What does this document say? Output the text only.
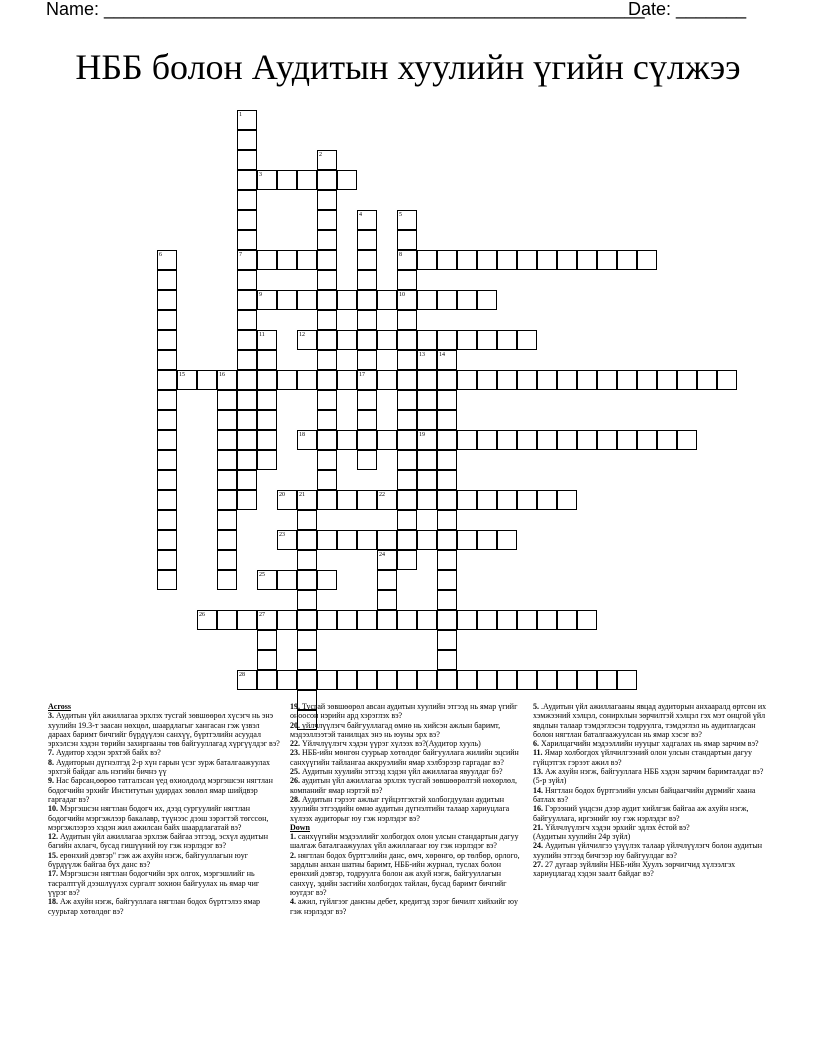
Name: ______________________________________________________
Date: _______
НББ болон Аудитын хуулийн үгийн сүлжээ
1
2
3
4	5
6	7	8
9	10
11	12
13 14
15	16	17
18	19
20 21	22
23
24
25
26	27
28

Across

3. Аудитын үйл ажиллагаа эрхлэх тусгай зөвшөөрөл хүсэгч нь энэ хуулийн 19.3-т заасан нөхцөл, шаардлагыг хангасан гэж үзвэл дараах баримт бичгийг бүрдүүлэн санхүү, бүртгэлийн асуудал эрхэлсэн хэдэн төрийн захиргааны төв байгууллагад хүргүүлдэг вэ?

7. Аудитор хэдэн эрхтэй байх вэ?

8. Аудиторын дүгнэлтэд 2-р хүн гарын үсэг зурж баталгаажуулах эрхтэй байдаг аль нэгийн бичнэ үү

9. Нас барсан,өөрөө татгалзсан үед өхиолдолд мэргэшсэн нягтлан бодогчийн эрхийг Институтын удирдах зөвлөл ямар шийдвэр гаргадаг вэ?

10. Мэргэшсэн нягтлан бодогч их, дээд сургуулийг нягтлан бодогчийн мэргэжлээр бакалавр, түүнээс дээш зэрэгтэй төгссөн, мэргэжлээрээ хэдэн жил ажилсан байх шаардлагатай вэ?

12. Аудитын үйл ажиллагаа эрхлэж байгаа этгээд, эсхүл аудитын багийн ахлагч, бусад гишүүний юу гэж нэрлэдэг вэ?

15. ерөнхий дэвтэр" гэж аж ахуйн нэгж, байгууллагын юуг бүрдүүлж байгаа бүх данс вэ?

17. Мэргэшсэн нягтлан бодогчийн эрх олгох, мэргэшлийг нь тасралтгүй дээшлүүлэх сургалт зохион байгуулах нь ямар чиг үүрэг вэ?

18. Аж ахуйн нэгж, байгууллага нягтлан бодох бүртгэлээ ямар суурьтар хөтөлдөг вэ?

19. Тусгай зөвшөөрөл авсан аудитын хуулийн этгээд нь ямар үгийг оноосон нэрийн ард хэрэглэх вэ?

20. үйлчлүүлэгч байгууллагад өмнө нь хийсэн ажлын баримт, мэдээллээтэй танилцах энэ нь юуны эрх вэ?

22. Үйлчлүүлэгч хэдэн үүрэг хүлээх вэ?(Аудитор хууль)

23. НББ-ийн мөнгөн суурьар хөтөлдөг байгууллага жилийн эцсийн санхүүгийн тайлангаа аккруэлийн ямар хэлбэрээр гаргадаг вэ?

25. Аудитын хуулийн этгээд хэдэн үйл ажиллагаа явуулдаг бэ?

26. аудитын үйл ажиллагаа эрхлэх тусгай зөвшөөрөлтэй нөхөрлөл, компанийг ямар нэртэй вэ?

28. Аудитын гэрээт ажлыг гүйцэтгэхтэй холбогдуулан аудитын хуулийн этгээдийн өмнө аудитын дүгнэлтийн талаар хариуцлага хүлээх аудиторыг юу гэж нэрлэдэг вэ?

Down

1. санхүүгийн мэдээллийг холбогдох олон улсын стандартын дагуу шалгаж баталгаажуулах үйл ажиллагааг юу гэж нэрлэдэг вэ?

2. нягтлан бодох бүртгэлийн данс, өмч, хөрөнгө, өр төлбөр, орлого, зардлын анхан шатны баримт, НББ-ийн журнал, туслах болон ерөнхий дэвтэр, тодруулга болон аж ахуй нэгж, байгууллагын санхүү, эдийн засгийн холбогдох тайлан, бусад баримт бичгийг юугдэг вэ?

4. ажил, гүйлгээг дансны дебет, кредитэд зэрэг бичилт хийхийг юу гэж нэрлэдэг вэ?

5. .Аудитын үйл ажиллагааны явцад аудиторын анхааралд өртсөн их хэмжээний хэлцэл, сонирхлын зөрчилтэй хэлцэл гэх мэт онцгой үйл явдлын талаар тэмдэглэсэн тодруулга, тэмдэглэл нь аудитлагдсан болон нягтлан баталгаажуулсан нь ямар хэсэг вэ?

6. Харилцагчийн мэдээллийн нууцыг хадгалах нь ямар зарчим вэ?

11. Ямар холбогдох үйлчилгээний олон улсын стандартын дагуу гүйцэтгэх гэрээт ажил вэ?

13. Аж ахуйн нэгж, байгууллага НББ хэдэн зарчим баримталдаг вэ?(5-р зүйл)

14. Нягтлан бодох бүртгэлийн улсын байцаагчийн дүрмийг хаана батлах вэ?

16. Гэрээний үндсэн дээр аудит хийлгэж байгаа аж ахуйн нэгж, байгууллага, иргэнийг юу гэж нэрлэдэг вэ?

21. Үйлчлүүлэгч хэдэн эрхийг эдлэх ёстой вэ?

(Аудитын хуулийн 24р зүйл)

24. Аудитын үйлчилгээ үзүүлэх талаар үйлчлүүлэгч болон аудитын хуулийн этгээд бичгээр юу байгуулдаг вэ?

27. 27 дугаар зүйлийн НББ-ийн Хуулъ зөрчигчид хүлээлгэх хариуцлагад хэдэн заалт байдаг вэ?
